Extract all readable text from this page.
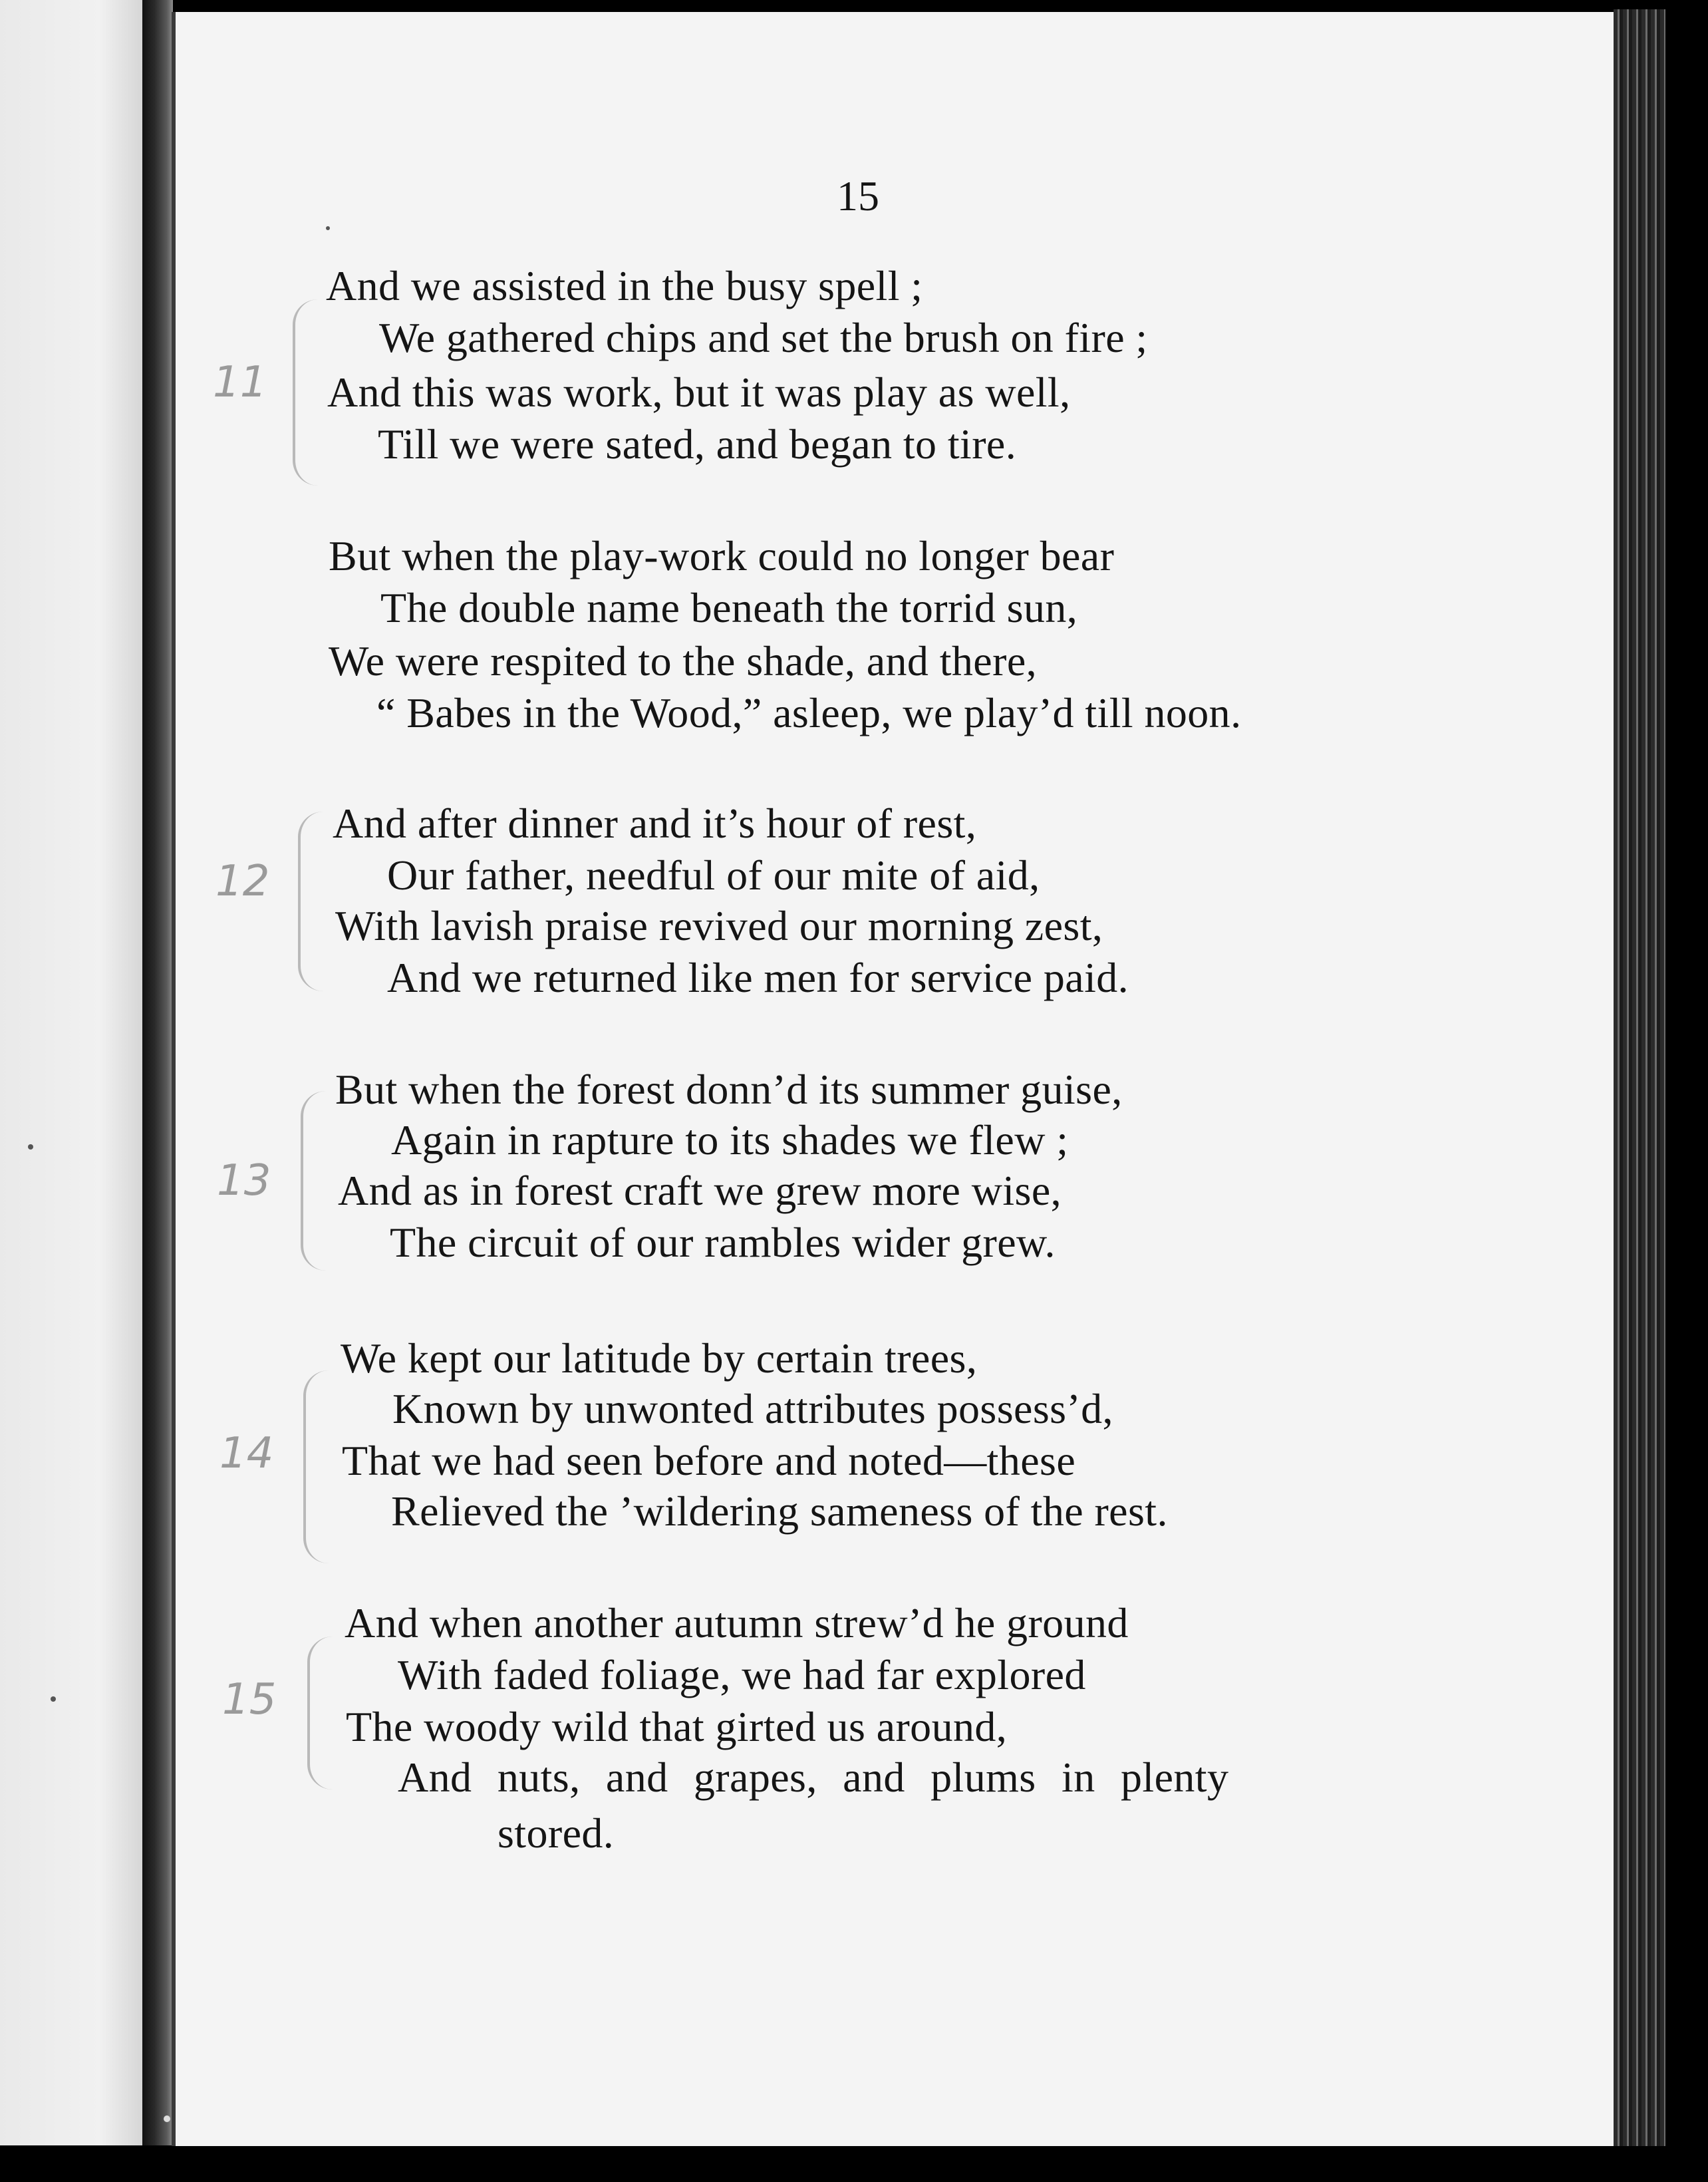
15
11
And we assisted in the busy spell ;
We gathered chips and set the brush on fire ;
And this was work, but it was play as well,
Till we were sated, and began to tire.
But when the play-work could no longer bear
The double name beneath the torrid sun,
We were respited to the shade, and there,
“ Babes in the Wood,” asleep, we play’d till noon.
12
And after dinner and it’s hour of rest,
Our father, needful of our mite of aid,
With lavish praise revived our morning zest,
And we returned like men for service paid.
13
But when the forest donn’d its summer guise,
Again in rapture to its shades we flew ;
And as in forest craft we grew more wise,
The circuit of our rambles wider grew.
14
We kept our latitude by certain trees,
Known by unwonted attributes possess’d,
That we had seen before and noted—these
Relieved the ’wildering sameness of the rest.
15
And when another autumn strew’d he ground
With faded foliage, we had far explored
The woody wild that girted us around,
And nuts, and grapes, and plums in plenty
stored.
